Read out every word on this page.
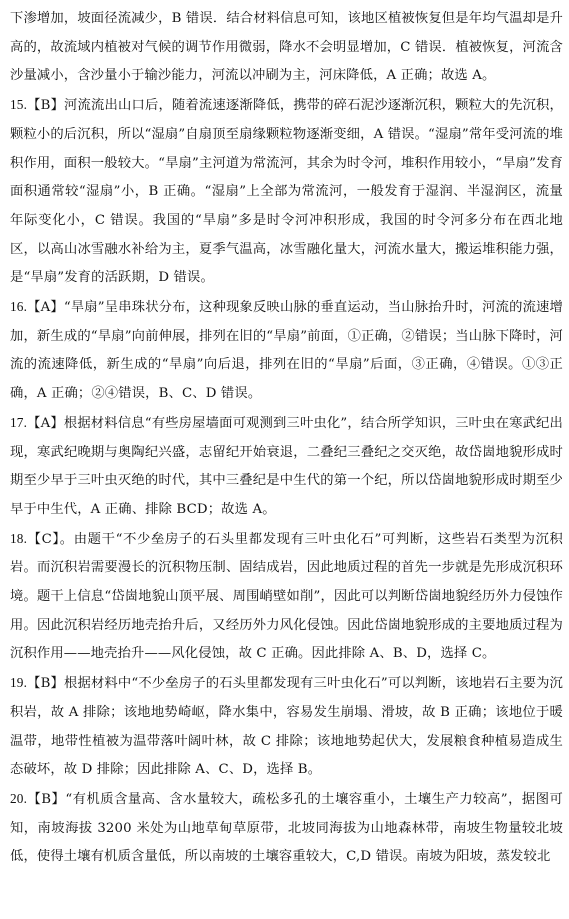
下渗增加，坡面径流减少，B 错误．结合材料信息可知，该地区植被恢复但是年均气温却是升高的，故流域内植被对气候的调节作用微弱，降水不会明显增加，C 错误．植被恢复，河流含沙量减小，含沙量小于输沙能力，河流以冲刷为主，河床降低，A 正确；故选 A。

15.【B】河流流出山口后，随着流速逐渐降低，携带的碎石泥沙逐渐沉积，颗粒大的先沉积，颗粒小的后沉积，所以“湿扇”自扇顶至扇缘颗粒物逐渐变细，A 错误。“湿扇”常年受河流的堆积作用，面积一般较大。“旱扇”主河道为常流河，其余为时令河，堆积作用较小，“旱扇”发育面积通常较“湿扇”小，B 正确。“湿扇”上全部为常流河，一般发育于湿润、半湿润区，流量年际变化小，C 错误。我国的“旱扇”多是时令河冲积形成，我国的时令河多分布在西北地区，以高山冰雪融水补给为主，夏季气温高，冰雪融化量大，河流水量大，搬运堆积能力强，是“旱扇”发育的活跃期，D 错误。

16.【A】“旱扇”呈串珠状分布，这种现象反映山脉的垂直运动，当山脉抬升时，河流的流速增加，新生成的“旱扇”向前伸展，排列在旧的“旱扇”前面，①正确，②错误；当山脉下降时，河流的流速降低，新生成的“旱扇”向后退，排列在旧的“旱扇”后面，③正确，④错误。①③正确，A 正确；②④错误，B、C、D 错误。

17.【A】根据材料信息“有些房屋墙面可观测到三叶虫化”，结合所学知识，三叶虫在寒武纪出现，寒武纪晚期与奥陶纪兴盛，志留纪开始衰退，二叠纪三叠纪之交灭绝，故岱崮地貌形成时期至少早于三叶虫灭绝的时代，其中三叠纪是中生代的第一个纪，所以岱崮地貌形成时期至少早于中生代，A 正确、排除 BCD；故选 A。

18.【C】。由题干“不少垒房子的石头里都发现有三叶虫化石”可判断，这些岩石类型为沉积岩。而沉积岩需要漫长的沉积物压制、固结成岩，因此地质过程的首先一步就是先形成沉积环境。题干上信息“岱崮地貌山顶平展、周围峭壁如削”，因此可以判断岱崮地貌经历外力侵蚀作用。因此沉积岩经历地壳抬升后，又经历外力风化侵蚀。因此岱崮地貌形成的主要地质过程为沉积作用——地壳抬升——风化侵蚀，故 C 正确。因此排除 A、B、D，选择 C。

19.【B】根据材料中“不少垒房子的石头里都发现有三叶虫化石”可以判断，该地岩石主要为沉积岩，故 A 排除；该地地势崎岖，降水集中，容易发生崩塌、滑坡，故 B 正确；该地位于暖温带，地带性植被为温带落叶阔叶林，故 C 排除；该地地势起伏大，发展粮食种植易造成生态破坏，故 D 排除；因此排除 A、C、D，选择 B。

20.【B】“有机质含量高、含水量较大，疏松多孔的土壤容重小，土壤生产力较高”，据图可知，南坡海拔 3200 米处为山地草甸草原带，北坡同海拔为山地森林带，南坡生物量较北坡低，使得土壤有机质含量低，所以南坡的土壤容重较大，C,D 错误。南坡为阳坡，蒸发较北
